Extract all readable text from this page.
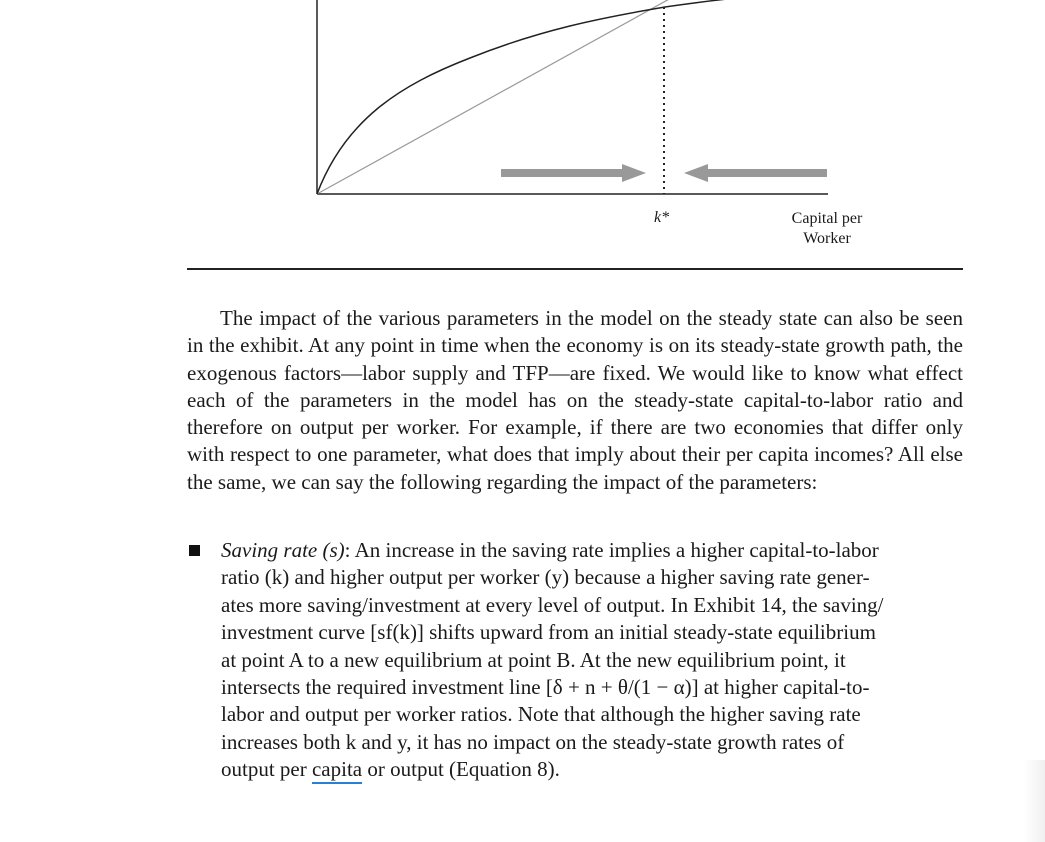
k*	Capital per
Worker

The impact of the various parameters in the model on the steady state can also be seen in the exhibit. At any point in time when the economy is on its steady-state growth path, the exogenous factors—labor supply and TFP—are fixed. We would like to know what effect each of the parameters in the model has on the steady-state capital-to-labor ratio and therefore on output per worker. For example, if there are two economies that differ only with respect to one parameter, what does that imply about their per capita incomes? All else the same, we can say the following regarding the impact of the parameters:

Saving rate (s): An increase in the saving rate implies a higher capital-to-labor
ratio (k) and higher output per worker (y) because a higher saving rate gener-
ates more saving/investment at every level of output. In Exhibit 14, the saving/
investment curve [sf(k)] shifts upward from an initial steady-state equilibrium
at point A to a new equilibrium at point B. At the new equilibrium point, it
intersects the required investment line [δ + n + θ/(1 − α)] at higher capital-to-
labor and output per worker ratios. Note that although the higher saving rate
increases both k and y, it has no impact on the steady-state growth rates of
output per capita or output (Equation 8).
